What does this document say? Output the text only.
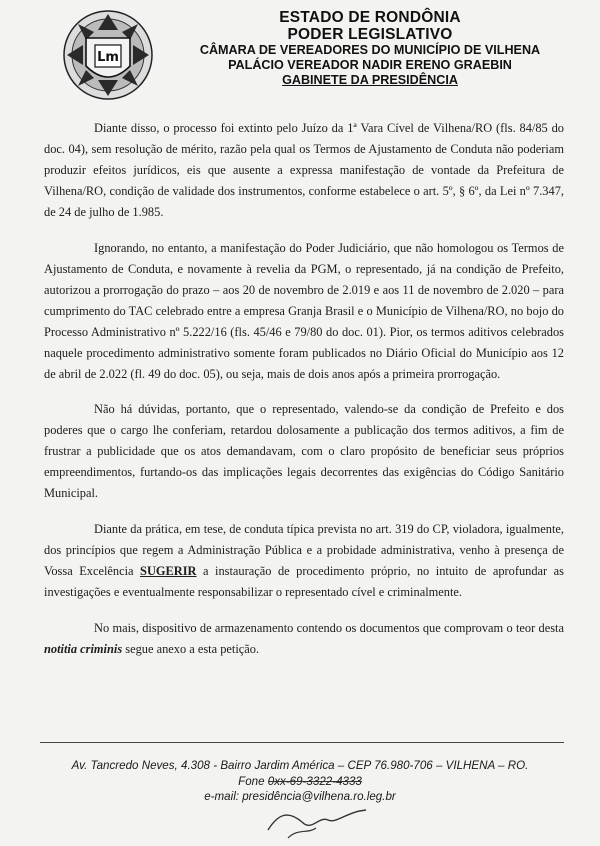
Lm
ESTADO DE RONDÔNIA
PODER LEGISLATIVO
CÂMARA DE VEREADORES DO MUNICÍPIO DE VILHENA
PALÁCIO VEREADOR NADIR ERENO GRAEBIN
GABINETE DA PRESIDÊNCIA

Diante disso, o processo foi extinto pelo Juízo da 1ª Vara Cível de Vilhena/RO (fls. 84/85 do doc. 04), sem resolução de mérito, razão pela qual os Termos de Ajustamento de Conduta não poderiam produzir efeitos jurídicos, eis que ausente a expressa manifestação de vontade da Prefeitura de Vilhena/RO, condição de validade dos instrumentos, conforme estabelece o art. 5º, § 6º, da Lei nº 7.347, de 24 de julho de 1.985.

Ignorando, no entanto, a manifestação do Poder Judiciário, que não homologou os Termos de Ajustamento de Conduta, e novamente à revelia da PGM, o representado, já na condição de Prefeito, autorizou a prorrogação do prazo – aos 20 de novembro de 2.019 e aos 11 de novembro de 2.020 – para cumprimento do TAC celebrado entre a empresa Granja Brasil e o Município de Vilhena/RO, no bojo do Processo Administrativo nº 5.222/16 (fls. 45/46 e 79/80 do doc. 01). Pior, os termos aditivos celebrados naquele procedimento administrativo somente foram publicados no Diário Oficial do Município aos 12 de abril de 2.022 (fl. 49 do doc. 05), ou seja, mais de dois anos após a primeira prorrogação.

Não há dúvidas, portanto, que o representado, valendo-se da condição de Prefeito e dos poderes que o cargo lhe conferiam, retardou dolosamente a publicação dos termos aditivos, a fim de frustrar a publicidade que os atos demandavam, com o claro propósito de beneficiar seus próprios empreendimentos, furtando-os das implicações legais decorrentes das exigências do Código Sanitário Municipal.

Diante da prática, em tese, de conduta típica prevista no art. 319 do CP, violadora, igualmente, dos princípios que regem a Administração Pública e a probidade administrativa, venho à presença de Vossa Excelência SUGERIR a instauração de procedimento próprio, no intuito de aprofundar as investigações e eventualmente responsabilizar o representado cível e criminalmente.

No mais, dispositivo de armazenamento contendo os documentos que comprovam o teor desta notitia criminis segue anexo a esta petição.

Av. Tancredo Neves, 4.308 - Bairro Jardim América – CEP 76.980-706 – VILHENA – RO.
Fone 0xx-69-3322-4333
e-mail: presidência@vilhena.ro.leg.br
